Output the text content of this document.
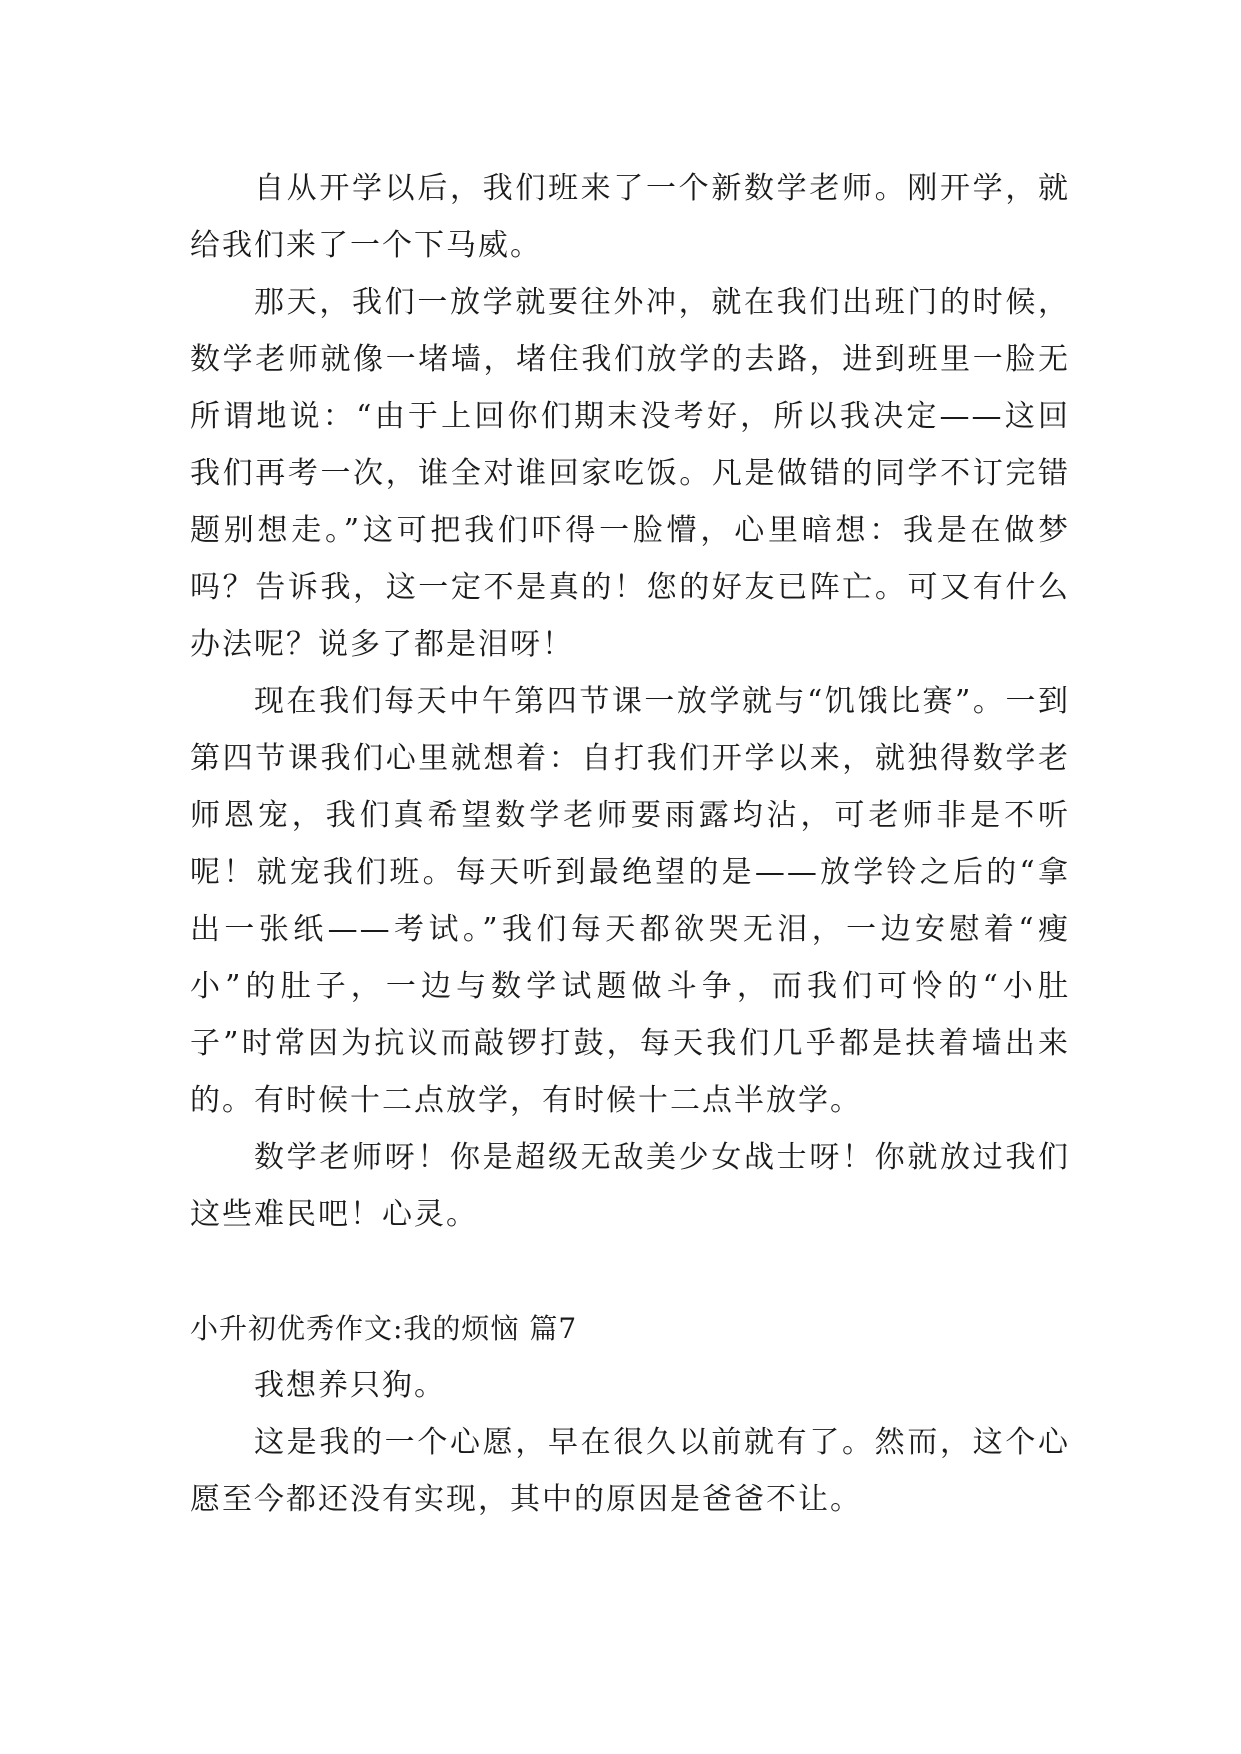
自从开学以后，我们班来了一个新数学老师。刚开学，就给我们来了一个下马威。

那天，我们一放学就要往外冲，就在我们出班门的时候，数学老师就像一堵墙，堵住我们放学的去路，进到班里一脸无所谓地说：“由于上回你们期末没考好，所以我决定——这回我们再考一次，谁全对谁回家吃饭。凡是做错的同学不订完错题别想走。”这可把我们吓得一脸懵，心里暗想：我是在做梦吗？告诉我，这一定不是真的！您的好友已阵亡。可又有什么办法呢？说多了都是泪呀！

现在我们每天中午第四节课一放学就与“饥饿比赛”。一到第四节课我们心里就想着：自打我们开学以来，就独得数学老师恩宠，我们真希望数学老师要雨露均沾，可老师非是不听呢！就宠我们班。每天听到最绝望的是——放学铃之后的“拿出一张纸——考试。”我们每天都欲哭无泪，一边安慰着“瘦小”的肚子，一边与数学试题做斗争，而我们可怜的“小肚子”时常因为抗议而敲锣打鼓，每天我们几乎都是扶着墙出来的。有时候十二点放学，有时候十二点半放学。

数学老师呀！你是超级无敌美少女战士呀！你就放过我们这些难民吧！心灵。

小升初优秀作文:我的烦恼 篇7

我想养只狗。

这是我的一个心愿，早在很久以前就有了。然而，这个心愿至今都还没有实现，其中的原因是爸爸不让。
